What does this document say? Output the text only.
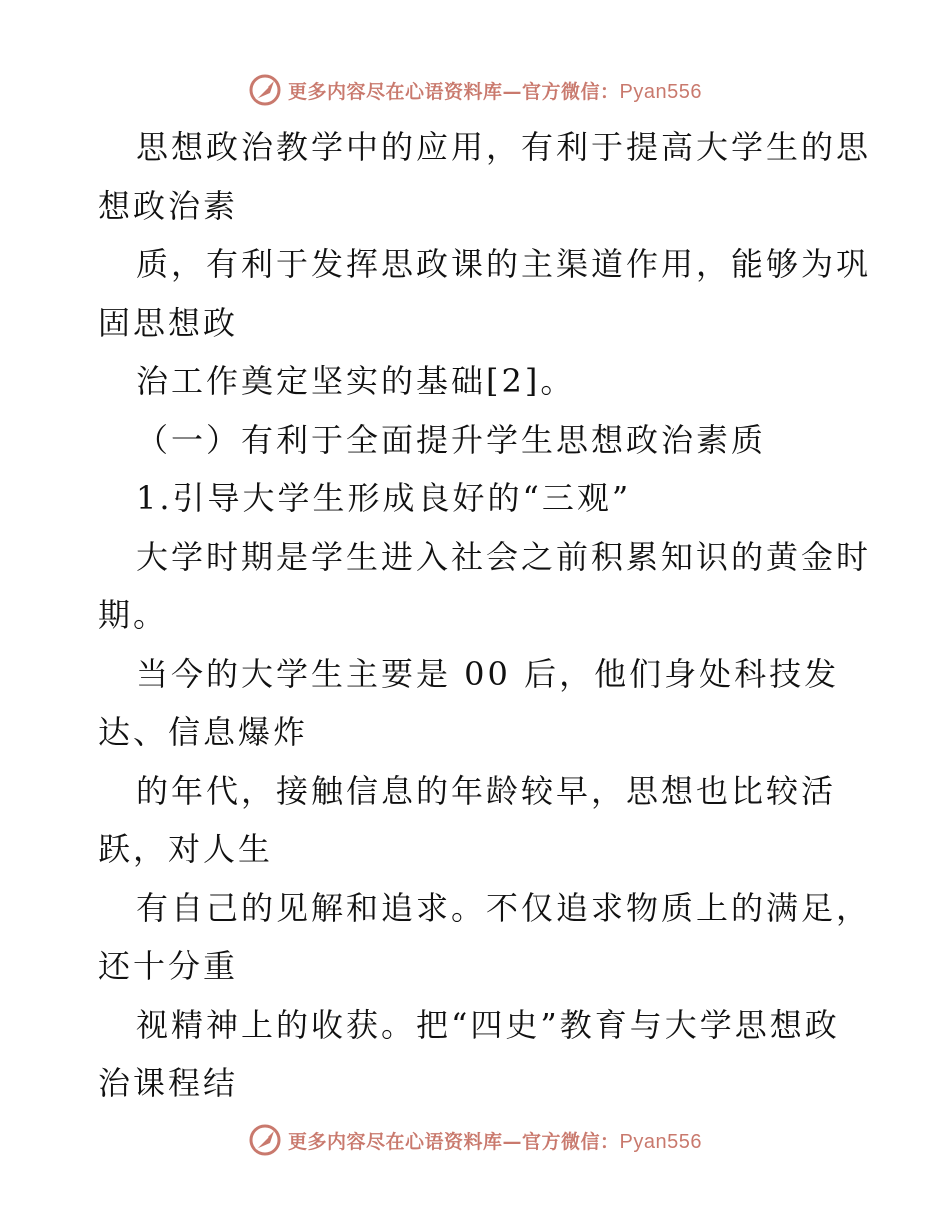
更多内容尽在心语资料库—官方微信：Pyan556
思想政治教学中的应用，有利于提高大学生的思
想政治素
质，有利于发挥思政课的主渠道作用，能够为巩
固思想政
治工作奠定坚实的基础[2]。
（一）有利于全面提升学生思想政治素质
1.引导大学生形成良好的“三观”
大学时期是学生进入社会之前积累知识的黄金时
期。
当今的大学生主要是 00 后，他们身处科技发
达、信息爆炸
的年代，接触信息的年龄较早，思想也比较活
跃，对人生
有自己的见解和追求。不仅追求物质上的满足，
还十分重
视精神上的收获。把“四史”教育与大学思想政
治课程结
更多内容尽在心语资料库—官方微信：Pyan556
